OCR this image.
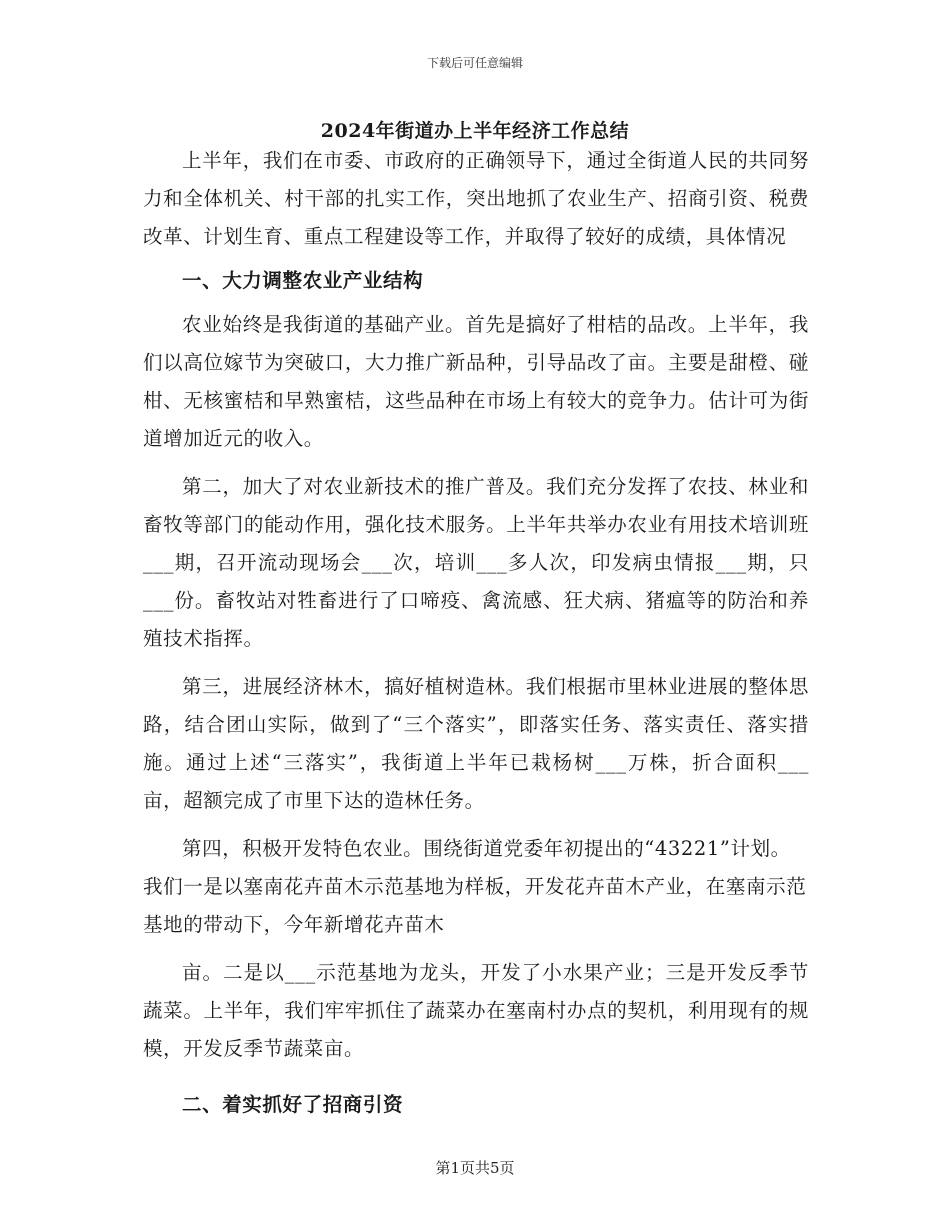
下载后可任意编辑
2024年街道办上半年经济工作总结

上半年，我们在市委、市政府的正确领导下，通过全街道人民的共同努力和全体机关、村干部的扎实工作，突出地抓了农业生产、招商引资、税费改革、计划生育、重点工程建设等工作，并取得了较好的成绩，具体情况

一、大力调整农业产业结构

农业始终是我街道的基础产业。首先是搞好了柑桔的品改。上半年，我们以高位嫁节为突破口，大力推广新品种，引导品改了亩。主要是甜橙、碰柑、无核蜜桔和早熟蜜桔，这些品种在市场上有较大的竞争力。估计可为街道增加近元的收入。

第二，加大了对农业新技术的推广普及。我们充分发挥了农技、林业和畜牧等部门的能动作用，强化技术服务。上半年共举办农业有用技术培训班___期，召开流动现场会___次，培训___多人次，印发病虫情报___期，只___份。畜牧站对牲畜进行了口啼疫、禽流感、狂犬病、猪瘟等的防治和养殖技术指挥。

第三，进展经济林木，搞好植树造林。我们根据市里林业进展的整体思路，结合团山实际，做到了“三个落实”，即落实任务、落实责任、落实措施。通过上述“三落实”，我街道上半年已栽杨树___万株，折合面积___亩，超额完成了市里下达的造林任务。

第四，积极开发特色农业。围绕街道党委年初提出的“43221”计划。我们一是以塞南花卉苗木示范基地为样板，开发花卉苗木产业，在塞南示范基地的带动下，今年新增花卉苗木

亩。二是以___示范基地为龙头，开发了小水果产业；三是开发反季节蔬菜。上半年，我们牢牢抓住了蔬菜办在塞南村办点的契机，利用现有的规模，开发反季节蔬菜亩。

二、着实抓好了招商引资

第1页共5页
